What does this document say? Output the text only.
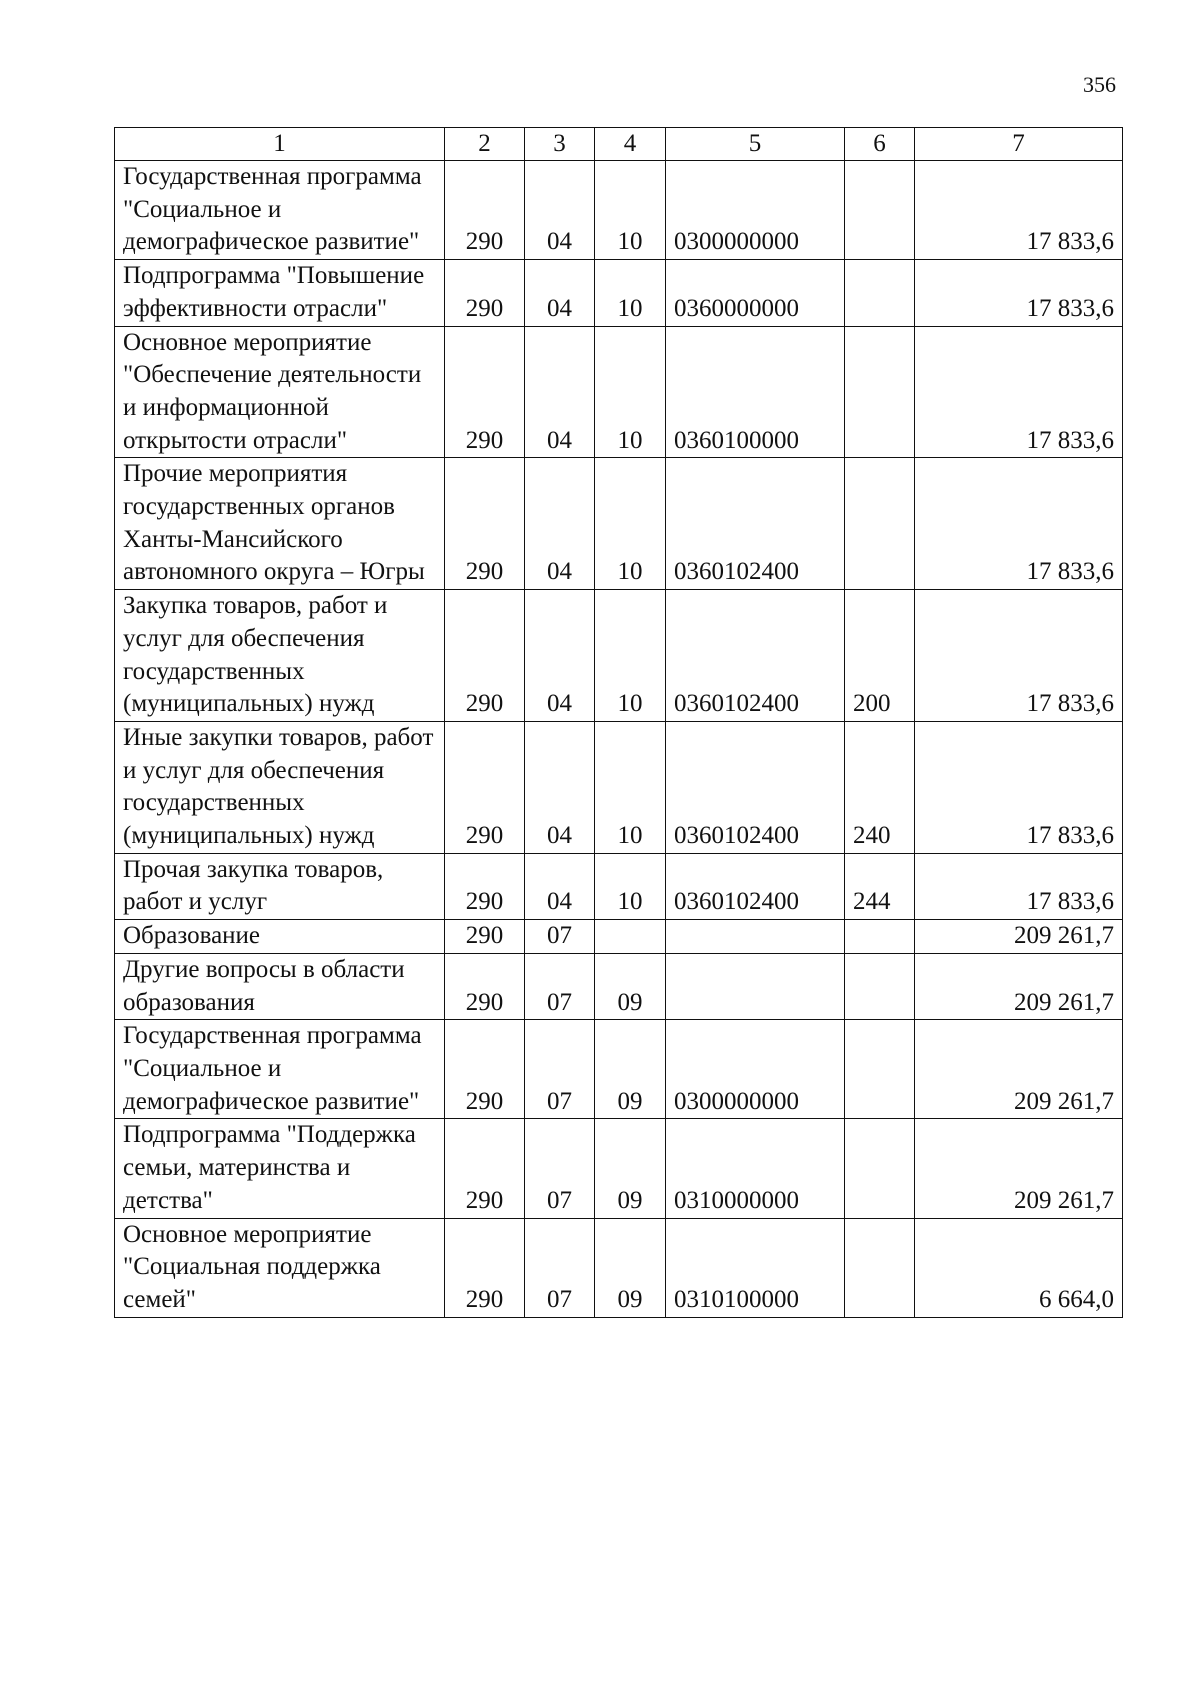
356
1	2	3	4	5	6	7
Государственная программа "Социальное и демографическое развитие"	290	04	10	0300000000		17 833,6
Подпрограмма "Повышение эффективности отрасли"	290	04	10	0360000000		17 833,6
Основное мероприятие "Обеспечение деятельности и информационной открытости отрасли"	290	04	10	0360100000		17 833,6
Прочие мероприятия государственных органов Ханты-Мансийского автономного округа – Югры	290	04	10	0360102400		17 833,6
Закупка товаров, работ и услуг для обеспечения государственных (муниципальных) нужд	290	04	10	0360102400	200	17 833,6
Иные закупки товаров, работ и услуг для обеспечения государственных (муниципальных) нужд	290	04	10	0360102400	240	17 833,6
Прочая закупка товаров, работ и услуг	290	04	10	0360102400	244	17 833,6
Образование	290	07				209 261,7
Другие вопросы в области образования	290	07	09			209 261,7
Государственная программа "Социальное и демографическое развитие"	290	07	09	0300000000		209 261,7
Подпрограмма "Поддержка семьи, материнства и детства"	290	07	09	0310000000		209 261,7
Основное мероприятие "Социальная поддержка семей"	290	07	09	0310100000		6 664,0
